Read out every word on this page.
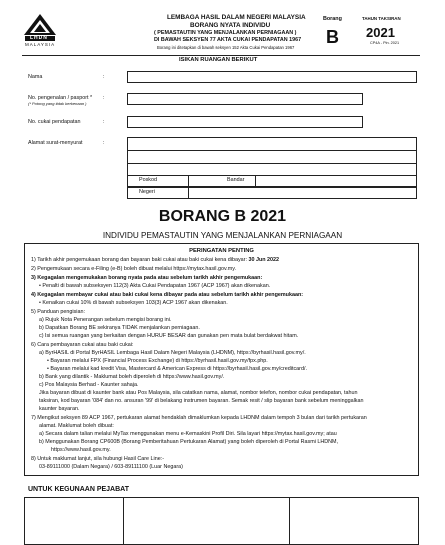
LHDN
MALAYSIA
LEMBAGA HASIL DALAM NEGERI MALAYSIA
BORANG NYATA INDIVIDU
( PEMASTAUTIN YANG MENJALANKAN PERNIAGAAN )
DI BAWAH SEKSYEN 77 AKTA CUKAI PENDAPATAN 1967
Borang ini ditetapkan di bawah seksyen 152 Akta Cukai Pendapatan 1967
Borang
B
TAHUN TAKSIRAN
2021
CP4A - Pin. 2021
ISIKAN RUANGAN BERIKUT
Nama	:
No. pengenalan / pasport *
(* Potong yang tidak berkenaan )
:
No. cukai pendapatan	:
Alamat surat-menyurat	:
Poskod	Bandar
Negeri
BORANG B 2021
INDIVIDU PEMASTAUTIN YANG MENJALANKAN PERNIAGAAN
PERINGATAN PENTING
1) Tarikh akhir pengemukaan borang dan bayaran baki cukai atau baki cukai kena dibayar: 30 Jun 2022
2) Pengemukaan secara e-Filing (e-B) boleh dibuat melalui https://mytax.hasil.gov.my.
3) Kegagalan mengemukakan borang nyata pada atau sebelum tarikh akhir pengemukaan:
• Penalti di bawah subseksyen 112(3) Akta Cukai Pendapatan 1967 (ACP 1967) akan dikenakan.
4) Kegagalan membayar cukai atau baki cukai kena dibayar pada atau sebelum tarikh akhir pengemukaan:
• Kenaikan cukai 10% di bawah subseksyen 103(3) ACP 1967 akan dikenakan.
5) Panduan pengisian:
a) Rujuk Nota Penerangan sebelum mengisi borang ini.
b) Dapatkan Borang BE sekiranya TIDAK menjalankan perniagaan.
c) Isi semua ruangan yang berkaitan dengan HURUF BESAR dan gunakan pen mata bulat berdakwat hitam.
6) Cara pembayaran cukai atau baki cukai:
a) ByrHASIL di Portal ByrHASIL Lembaga Hasil Dalam Negeri Malaysia (LHDNM), https://byrhasil.hasil.gov.my/.
• Bayaran melalui FPX (Financial Process Exchange) di https://byrhasil.hasil.gov.my/fpx.php.
• Bayaran melalui kad kredit Visa, Mastercard & American Express di https://byrhasil.hasil.gov.my/creditcard/.
b) Bank yang dilantik - Maklumat boleh diperoleh di https://www.hasil.gov.my/.
c) Pos Malaysia Berhad - Kaunter sahaja.
Jika bayaran dibuat di kaunter bank atau Pos Malaysia, sila catatkan nama, alamat, nombor telefon, nombor cukai pendapatan, tahun
taksiran, kod bayaran '084' dan no. ansuran '99' di belakang instrumen bayaran. Semak resit / slip bayaran bank sebelum meninggalkan
kaunter bayaran.
7) Mengikut seksyen 89 ACP 1967, pertukaran alamat hendaklah dimaklumkan kepada LHDNM dalam tempoh 3 bulan dari tarikh pertukaran
alamat. Maklumat boleh dibuat:
a) Secara dalam talian melalui MyTax menggunakan menu e-Kemaskini Profil Diri. Sila layari https://mytax.hasil.gov.my; atau
b) Menggunakan Borang CP600B (Borang Pemberitahuan Pertukaran Alamat) yang boleh diperoleh di Portal Rasmi LHDNM,
https://www.hasil.gov.my.
8) Untuk maklumat lanjut, sila hubungi Hasil Care Line:-
03-89111000 (Dalam Negara) / 603-89111100 (Luar Negara)
UNTUK KEGUNAAN PEJABAT
